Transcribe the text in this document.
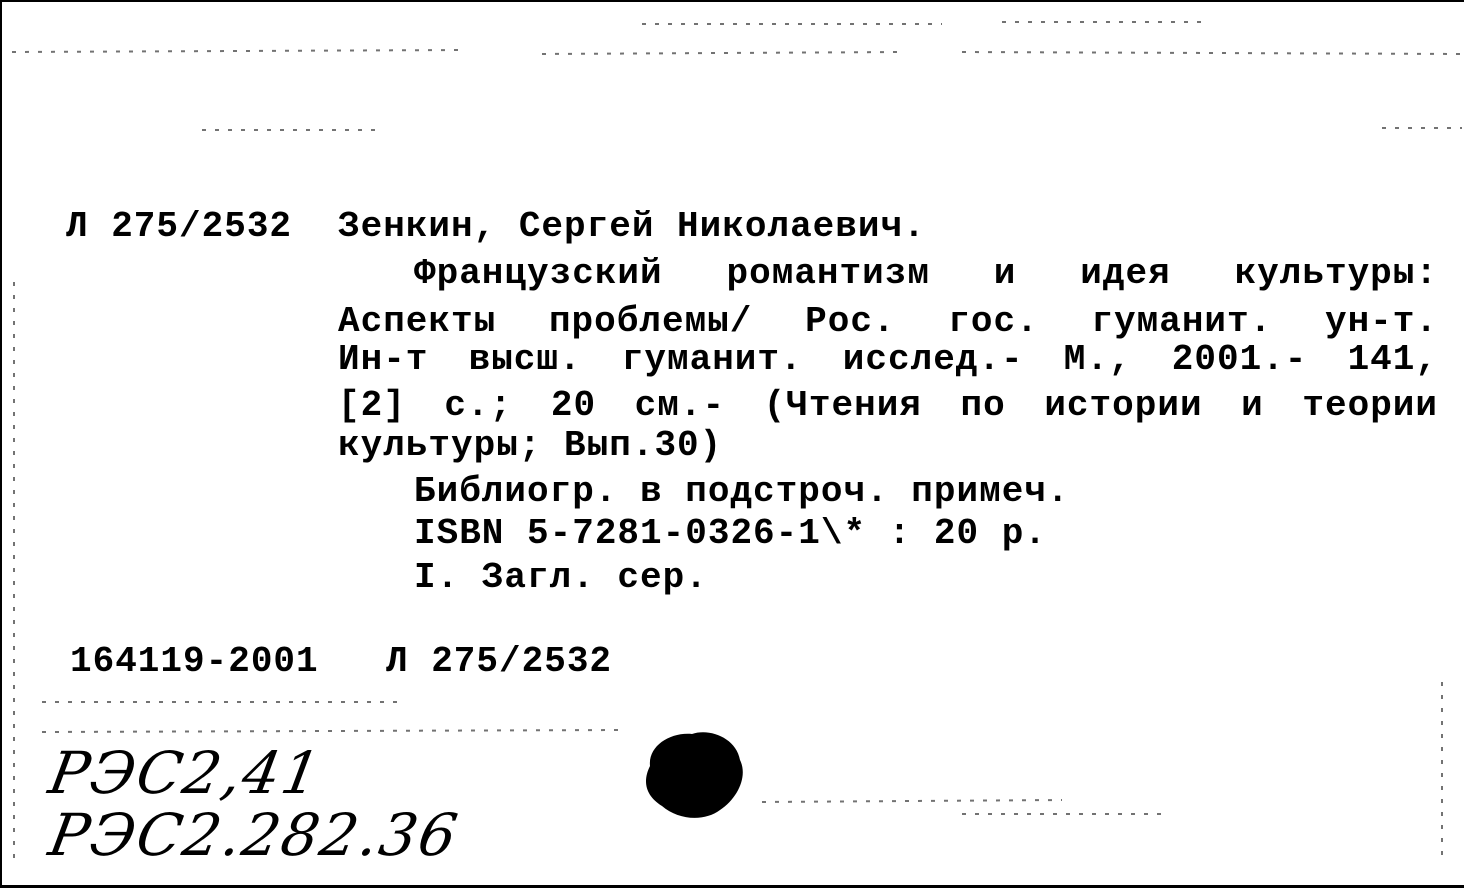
Л 275/2532 Зенкин, Сергей Николаевич.
Французский романтизм и идея культуры:
Аспекты проблемы/ Рос. гос. гуманит. ун-т.
Ин-т высш. гуманит. исслед.- М., 2001.- 141,
[2] с.; 20 см.- (Чтения по истории и теории
культуры; Вып.30)
Библиогр. в подстроч. примеч.
ISBN 5-7281-0326-1\* : 20 р.
I. Загл. сер.
164119-2001 Л 275/2532
РЭС2,41
РЭС2.282.36
